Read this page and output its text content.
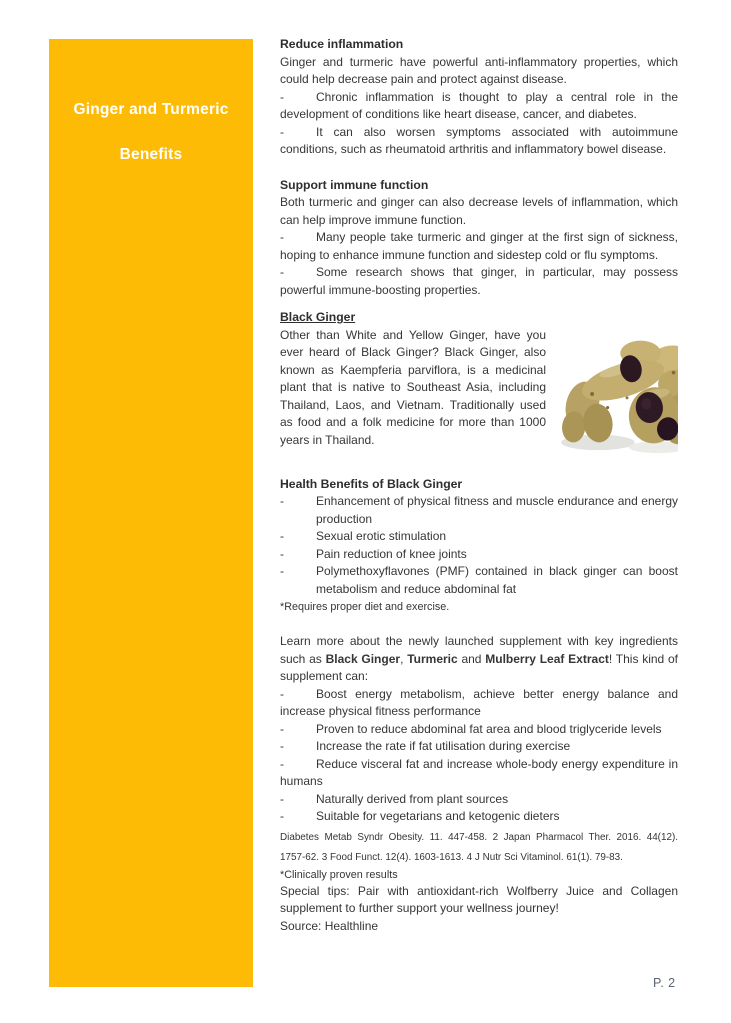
Ginger and Turmeric
Benefits
Reduce inflammation

Ginger and turmeric have powerful anti-inflammatory properties, which could help decrease pain and protect against disease.

-	Chronic inflammation is thought to play a central role in the development of conditions like heart disease, cancer, and diabetes.

-	It can also worsen symptoms associated with autoimmune conditions, such as rheumatoid arthritis and inflammatory bowel disease.

Support immune function

Both turmeric and ginger can also decrease levels of inflammation, which can help improve immune function.

-	Many people take turmeric and ginger at the first sign of sickness, hoping to enhance immune function and sidestep cold or flu symptoms.

-	Some research shows that ginger, in particular, may possess powerful immune-boosting properties.

Black Ginger

Other than White and Yellow Ginger, have you ever heard of Black Ginger? Black Ginger, also known as Kaempferia parviflora, is a medicinal plant that is native to Southeast Asia, including Thailand, Laos, and Vietnam. Traditionally used as food and a folk medicine for more than 1000 years in Thailand.

Health Benefits of Black Ginger
-	Enhancement of physical fitness and muscle endurance and energy production
-	Sexual erotic stimulation
-	Pain reduction of knee joints
-	Polymethoxyflavones (PMF) contained in black ginger can boost metabolism and reduce abdominal fat
*Requires proper diet and exercise.

Learn more about the newly launched supplement with key ingredients such as Black Ginger, Turmeric and Mulberry Leaf Extract! This kind of supplement can:

-	Boost energy metabolism, achieve better energy balance and increase physical fitness performance

-	Proven to reduce abdominal fat area and blood triglyceride levels

-	Increase the rate if fat utilisation during exercise

-	Reduce visceral fat and increase whole-body energy expenditure in humans

-	Naturally derived from plant sources

-	Suitable for vegetarians and ketogenic dieters

Diabetes Metab Syndr Obesity. 11. 447-458. 2 Japan Pharmacol Ther. 2016. 44(12).
1757-62. 3 Food Funct. 12(4). 1603-1613. 4 J Nutr Sci Vitaminol. 61(1). 79-83.
*Clinically proven results

Special tips: Pair with antioxidant-rich Wolfberry Juice and Collagen supplement to further support your wellness journey!

Source: Healthline

P. 2
